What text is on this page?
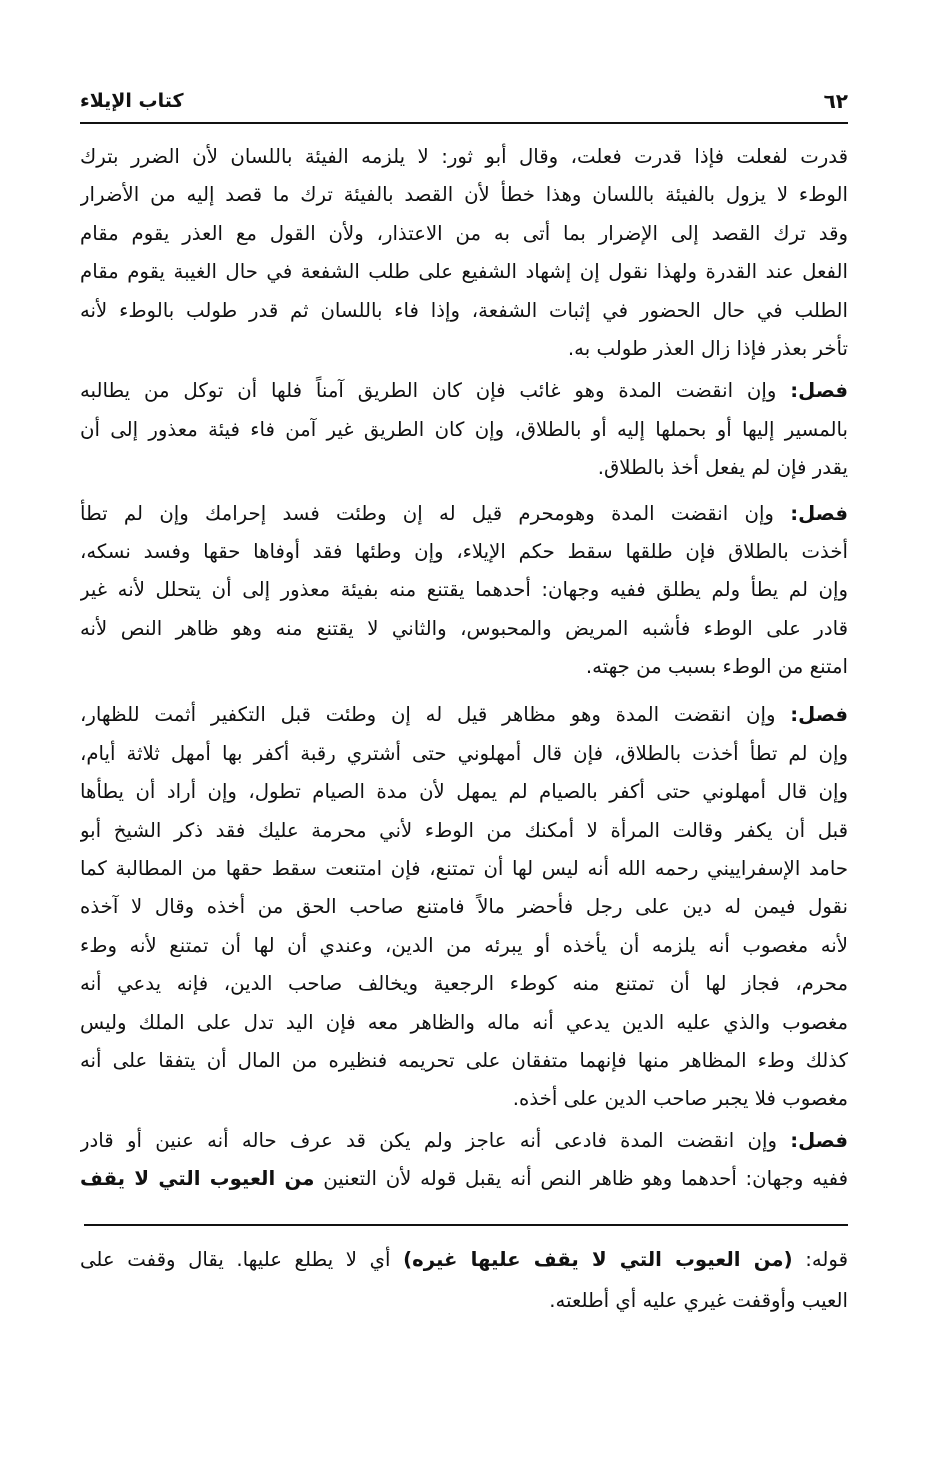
٦٢
كتاب الإيلاء
قدرت لفعلت فإذا قدرت فعلت، وقال أبو ثور: لا يلزمه الفيئة باللسان لأن الضرر بترك
الوطء لا يزول بالفيئة باللسان وهذا خطأ لأن القصد بالفيئة ترك ما قصد إليه من الأضرار
وقد ترك القصد إلى الإضرار بما أتى به من الاعتذار، ولأن القول مع العذر يقوم مقام
الفعل عند القدرة ولهذا نقول إن إشهاد الشفيع على طلب الشفعة في حال الغيبة يقوم مقام
الطلب في حال الحضور في إثبات الشفعة، وإذا فاء باللسان ثم قدر طولب بالوطء لأنه
تأخر بعذر فإذا زال العذر طولب به.
فصل: وإن انقضت المدة وهو غائب فإن كان الطريق آمناً فلها أن توكل من يطالبه
بالمسير إليها أو بحملها إليه أو بالطلاق، وإن كان الطريق غير آمن فاء فيئة معذور إلى أن
يقدر فإن لم يفعل أخذ بالطلاق.
فصل: وإن انقضت المدة وهومحرم قيل له إن وطئت فسد إحرامك وإن لم تطأ
أخذت بالطلاق فإن طلقها سقط حكم الإيلاء، وإن وطئها فقد أوفاها حقها وفسد نسكه،
وإن لم يطأ ولم يطلق ففيه وجهان: أحدهما يقتنع منه بفيئة معذور إلى أن يتحلل لأنه غير
قادر على الوطء فأشبه المريض والمحبوس، والثاني لا يقتنع منه وهو ظاهر النص لأنه
امتنع من الوطء بسبب من جهته.
فصل: وإن انقضت المدة وهو مظاهر قيل له إن وطئت قبل التكفير أثمت للظهار،
وإن لم تطأ أخذت بالطلاق، فإن قال أمهلوني حتى أشتري رقبة أكفر بها أمهل ثلاثة أيام،
وإن قال أمهلوني حتى أكفر بالصيام لم يمهل لأن مدة الصيام تطول، وإن أراد أن يطأها
قبل أن يكفر وقالت المرأة لا أمكنك من الوطء لأني محرمة عليك فقد ذكر الشيخ أبو
حامد الإسفراييني رحمه الله أنه ليس لها أن تمتنع، فإن امتنعت سقط حقها من المطالبة كما
نقول فيمن له دين على رجل فأحضر مالاً فامتنع صاحب الحق من أخذه وقال لا آخذه
لأنه مغصوب أنه يلزمه أن يأخذه أو يبرئه من الدين، وعندي أن لها أن تمتنع لأنه وطء
محرم، فجاز لها أن تمتنع منه كوطء الرجعية ويخالف صاحب الدين، فإنه يدعي أنه
مغصوب والذي عليه الدين يدعي أنه ماله والظاهر معه فإن اليد تدل على الملك وليس
كذلك وطء المظاهر منها فإنهما متفقان على تحريمه فنظيره من المال أن يتفقا على أنه
مغصوب فلا يجبر صاحب الدين على أخذه.
فصل: وإن انقضت المدة فادعى أنه عاجز ولم يكن قد عرف حاله أنه عنين أو قادر
ففيه وجهان: أحدهما وهو ظاهر النص أنه يقبل قوله لأن التعنين من العيوب التي لا يقف
قوله: (من العيوب التي لا يقف عليها غيره) أي لا يطلع عليها. يقال وقفت على
العيب وأوقفت غيري عليه أي أطلعته.
